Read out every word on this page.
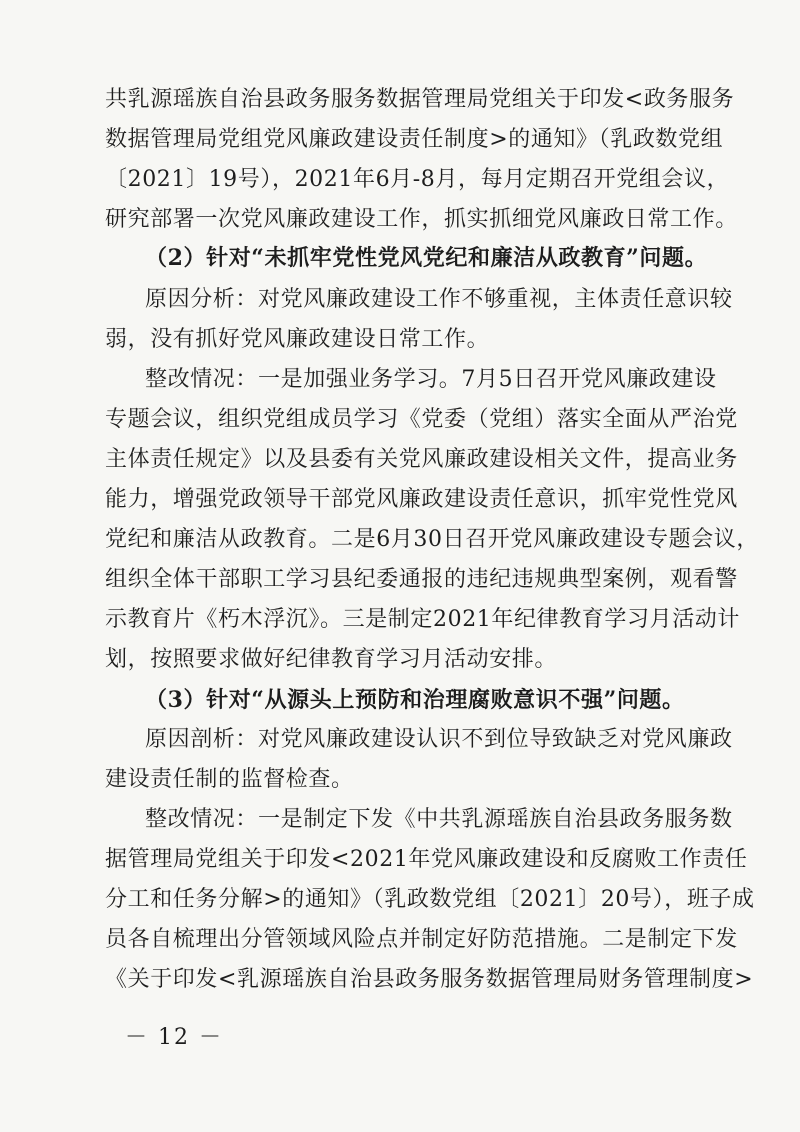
共乳源瑶族自治县政务服务数据管理局党组关于印发<政务服务
数据管理局党组党风廉政建设责任制度>的通知》（乳政数党组
〔2021〕19号），2021年6月-8月，每月定期召开党组会议，
研究部署一次党风廉政建设工作，抓实抓细党风廉政日常工作。
（2）针对“未抓牢党性党风党纪和廉洁从政教育”问题。
原因分析：对党风廉政建设工作不够重视，主体责任意识较
弱，没有抓好党风廉政建设日常工作。
整改情况：一是加强业务学习。7月5日召开党风廉政建设
专题会议，组织党组成员学习《党委（党组）落实全面从严治党
主体责任规定》以及县委有关党风廉政建设相关文件，提高业务
能力，增强党政领导干部党风廉政建设责任意识，抓牢党性党风
党纪和廉洁从政教育。二是6月30日召开党风廉政建设专题会议，
组织全体干部职工学习县纪委通报的违纪违规典型案例，观看警
示教育片《朽木浮沉》。三是制定2021年纪律教育学习月活动计
划，按照要求做好纪律教育学习月活动安排。
（3）针对“从源头上预防和治理腐败意识不强”问题。
原因剖析：对党风廉政建设认识不到位导致缺乏对党风廉政
建设责任制的监督检查。
整改情况：一是制定下发《中共乳源瑶族自治县政务服务数
据管理局党组关于印发<2021年党风廉政建设和反腐败工作责任
分工和任务分解>的通知》（乳政数党组〔2021〕20号），班子成
员各自梳理出分管领域风险点并制定好防范措施。二是制定下发
《关于印发<乳源瑶族自治县政务服务数据管理局财务管理制度>
－ 12 －
